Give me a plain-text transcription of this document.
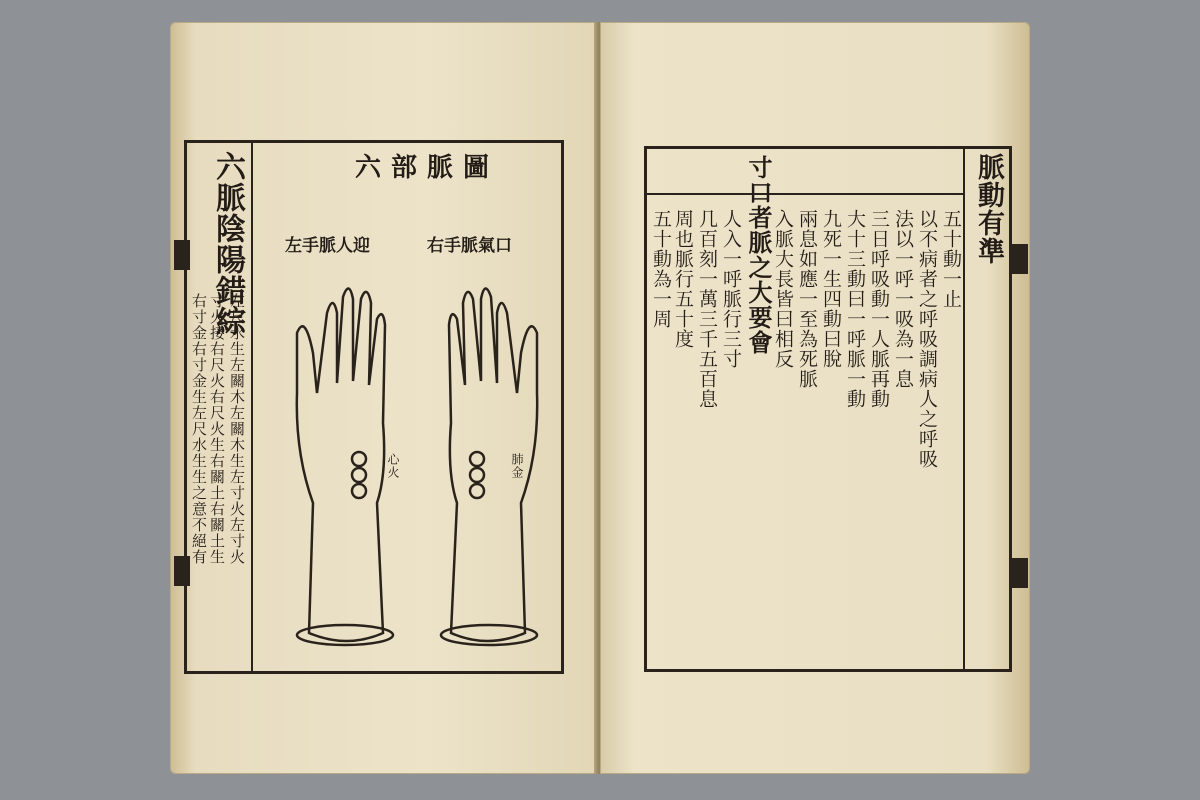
六部脈圖
右手脈氣口
左手脈人迎
六脈陰陽錯綜
心火	肺金
左尺水生左關木左關木生左寸火左寸火
寸火接右尺火右尺火生右關土右關土生
右寸金右寸金生左尺水生生之意不絕有
脈動有準
寸口者脈之大要會	五十動一止
以不病者之呼吸調病人之呼吸
法以一呼一吸為一息
三日呼吸動一人脈再動
大十三動曰一呼脈一動
九死一生四動曰脫
兩息如應一至為死脈
入脈大長皆曰相反
人入一呼脈行三寸
几百刻一萬三千五百息
周也脈行五十度
五十動為一周
